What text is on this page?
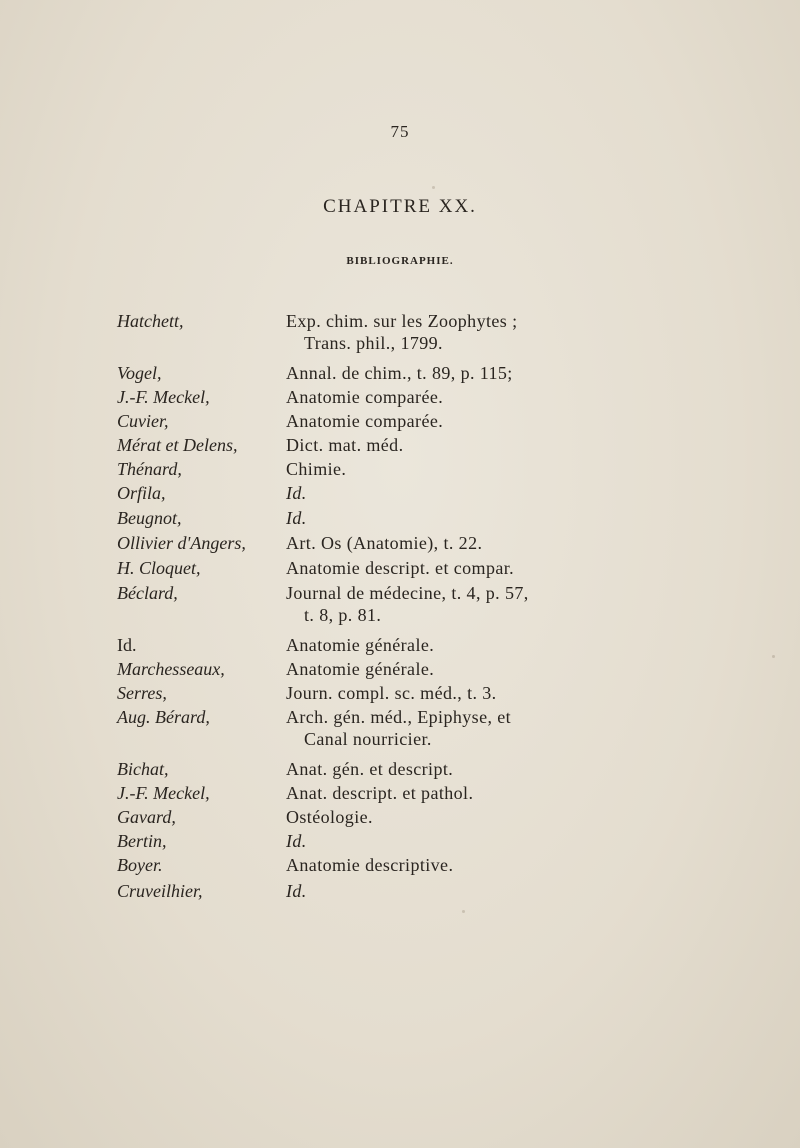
75
CHAPITRE XX.
BIBLIOGRAPHIE.
Hatchett,	Exp. chim. sur les Zoophytes ;
Trans. phil., 1799.
Vogel,	Annal. de chim., t. 89, p. 115;
J.-F. Meckel,	Anatomie comparée.
Cuvier,	Anatomie comparée.
Mérat et Delens,	Dict. mat. méd.
Thénard,	Chimie.
Orfila,	Id.
Beugnot,	Id.
Ollivier d'Angers, Art. Os (Anatomie), t. 22.
H. Cloquet,	Anatomie descript. et compar.
Béclard,	Journal de médecine, t. 4, p. 57,
t. 8, p. 81.
Id.	Anatomie générale.
Marchesseaux,	Anatomie générale.
Serres,	Journ. compl. sc. méd., t. 3.
Aug. Bérard,	Arch. gén. méd., Epiphyse, et
Canal nourricier.
Bichat,	Anat. gén. et descript.
J.-F. Meckel,	Anat. descript. et pathol.
Gavard,	Ostéologie.
Bertin,	Id.
Boyer.	Anatomie descriptive.
Cruveilhier,	Id.
